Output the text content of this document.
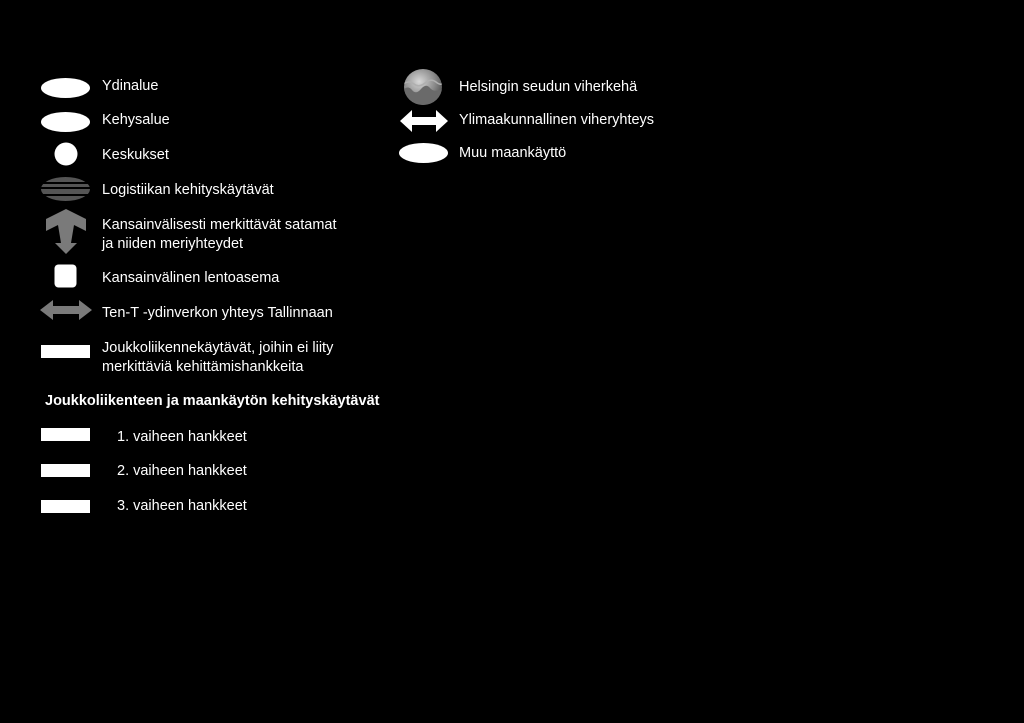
Ydinalue
Kehysalue
Keskukset
Logistiikan kehityskäytävät
Kansainvälisesti merkittävät satamat
ja niiden meriyhteydet
Kansainvälinen lentoasema
Ten-T -ydinverkon yhteys Tallinnaan
Joukkoliikennekäytävät, joihin ei liity
merkittäviä kehittämishankkeita
Joukkoliikenteen ja maankäytön kehityskäytävät
1. vaiheen hankkeet
2. vaiheen hankkeet
3. vaiheen hankkeet
Helsingin seudun viherkehä
Ylimaakunnallinen viheryhteys
Muu maankäyttö
